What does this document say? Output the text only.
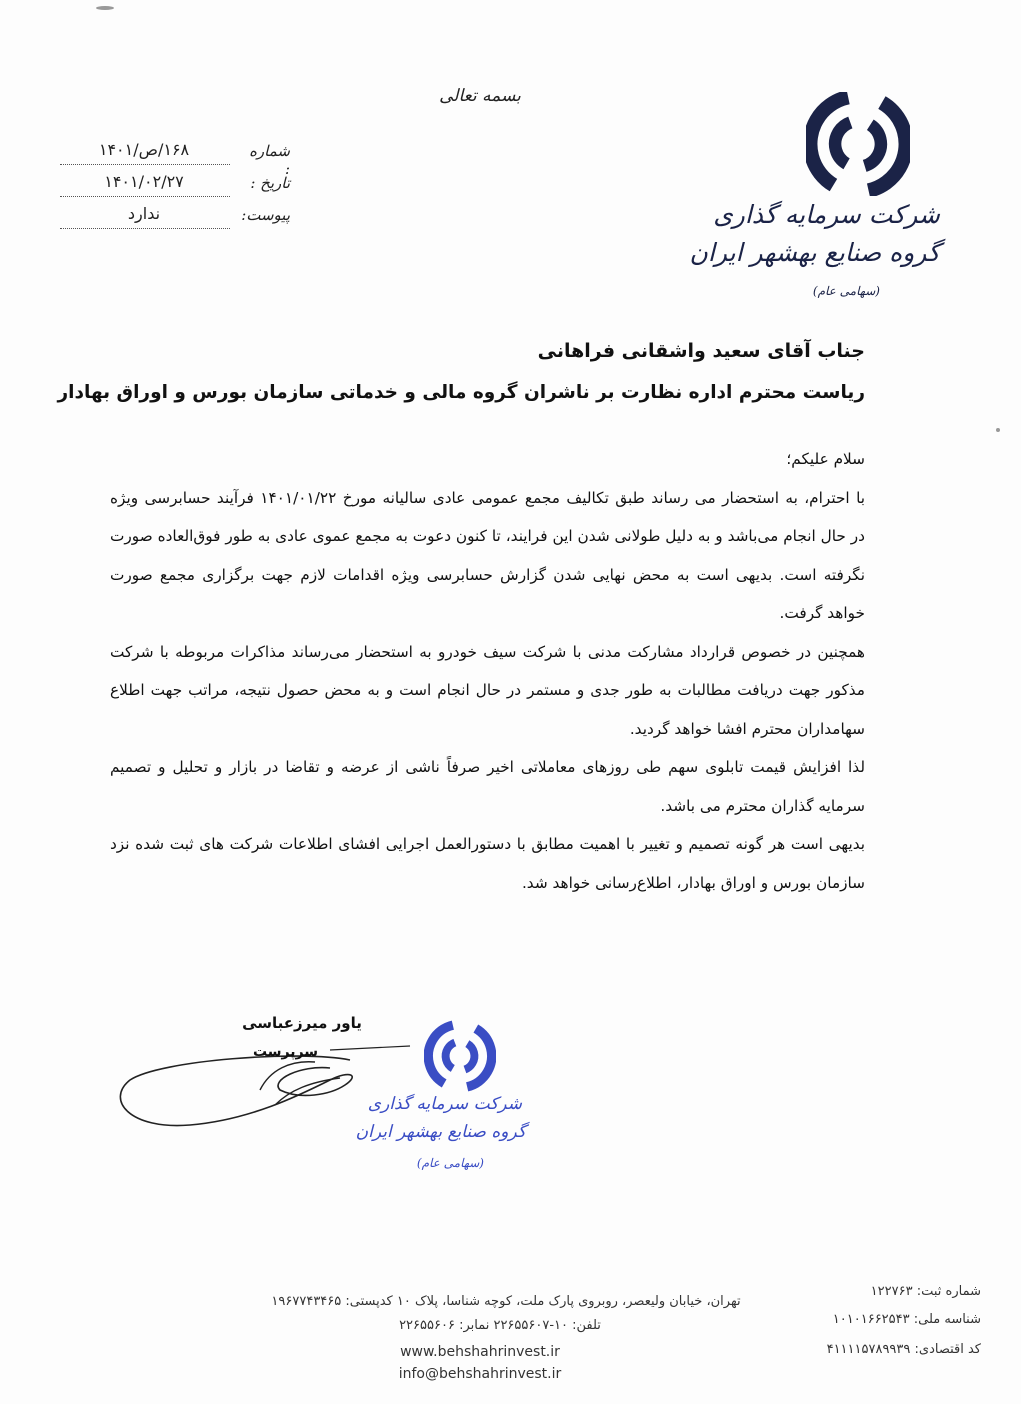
بسمه تعالی
شرکت سرمایه گذاری
گروه صنایع بهشهر ایران
(سهامی عام)
شماره :
۱۶۸/ص/۱۴۰۱
تاریخ :
۱۴۰۱/۰۲/۲۷
پیوست:
ندارد
جناب آقای سعید واشقانی فراهانی
ریاست محترم اداره نظارت بر ناشران گروه مالی و خدماتی سازمان بورس و اوراق بهادار
سلام علیکم؛
با احترام، به استحضار می رساند طبق تکالیف مجمع عمومی عادی سالیانه مورخ ۱۴۰۱/۰۱/۲۲ فرآیند حسابرسی ویژه
در حال انجام می‌باشد و به دلیل طولانی شدن این فرایند، تا کنون دعوت به مجمع عموی عادی به طور فوق‌العاده صورت
نگرفته است. بدیهی است به محض نهایی شدن گزارش حسابرسی ویژه اقدامات لازم جهت برگزاری مجمع صورت
خواهد گرفت.
همچنین در خصوص قرارداد مشارکت مدنی با شرکت سیف خودرو به استحضار می‌رساند مذاکرات مربوطه با شرکت
مذکور جهت دریافت مطالبات به طور جدی و مستمر در حال انجام است و به محض حصول نتیجه، مراتب جهت اطلاع
سهامداران محترم افشا خواهد گردید.
لذا افزایش قیمت تابلوی سهم طی روزهای معاملاتی اخیر صرفاً ناشی از عرضه و تقاضا در بازار و تحلیل و تصمیم
سرمایه گذاران محترم می باشد.
بدیهی است هر گونه تصمیم و تغییر با اهمیت مطابق با دستورالعمل اجرایی افشای اطلاعات شرکت های ثبت شده نزد
سازمان بورس و اوراق بهادار، اطلاع‌رسانی خواهد شد.
یاور میرزعباسی
سرپرست
شرکت سرمایه گذاری
گروه صنایع بهشهر ایران
(سهامی عام)
تهران، خیابان ولیعصر، روبروی پارک ملت، کوچه شناسا، پلاک ۱۰ کدپستی: ۱۹۶۷۷۴۳۴۶۵
تلفن: ۱۰-۲۲۶۵۵۶۰۷ نمابر: ۲۲۶۵۵۶۰۶
www.behshahrinvest.ir
info@behshahrinvest.ir
شماره ثبت: ۱۲۲۷۶۳
شناسه ملی: ۱۰۱۰۱۶۶۲۵۴۳
کد اقتصادی: ۴۱۱۱۱۵۷۸۹۹۳۹
